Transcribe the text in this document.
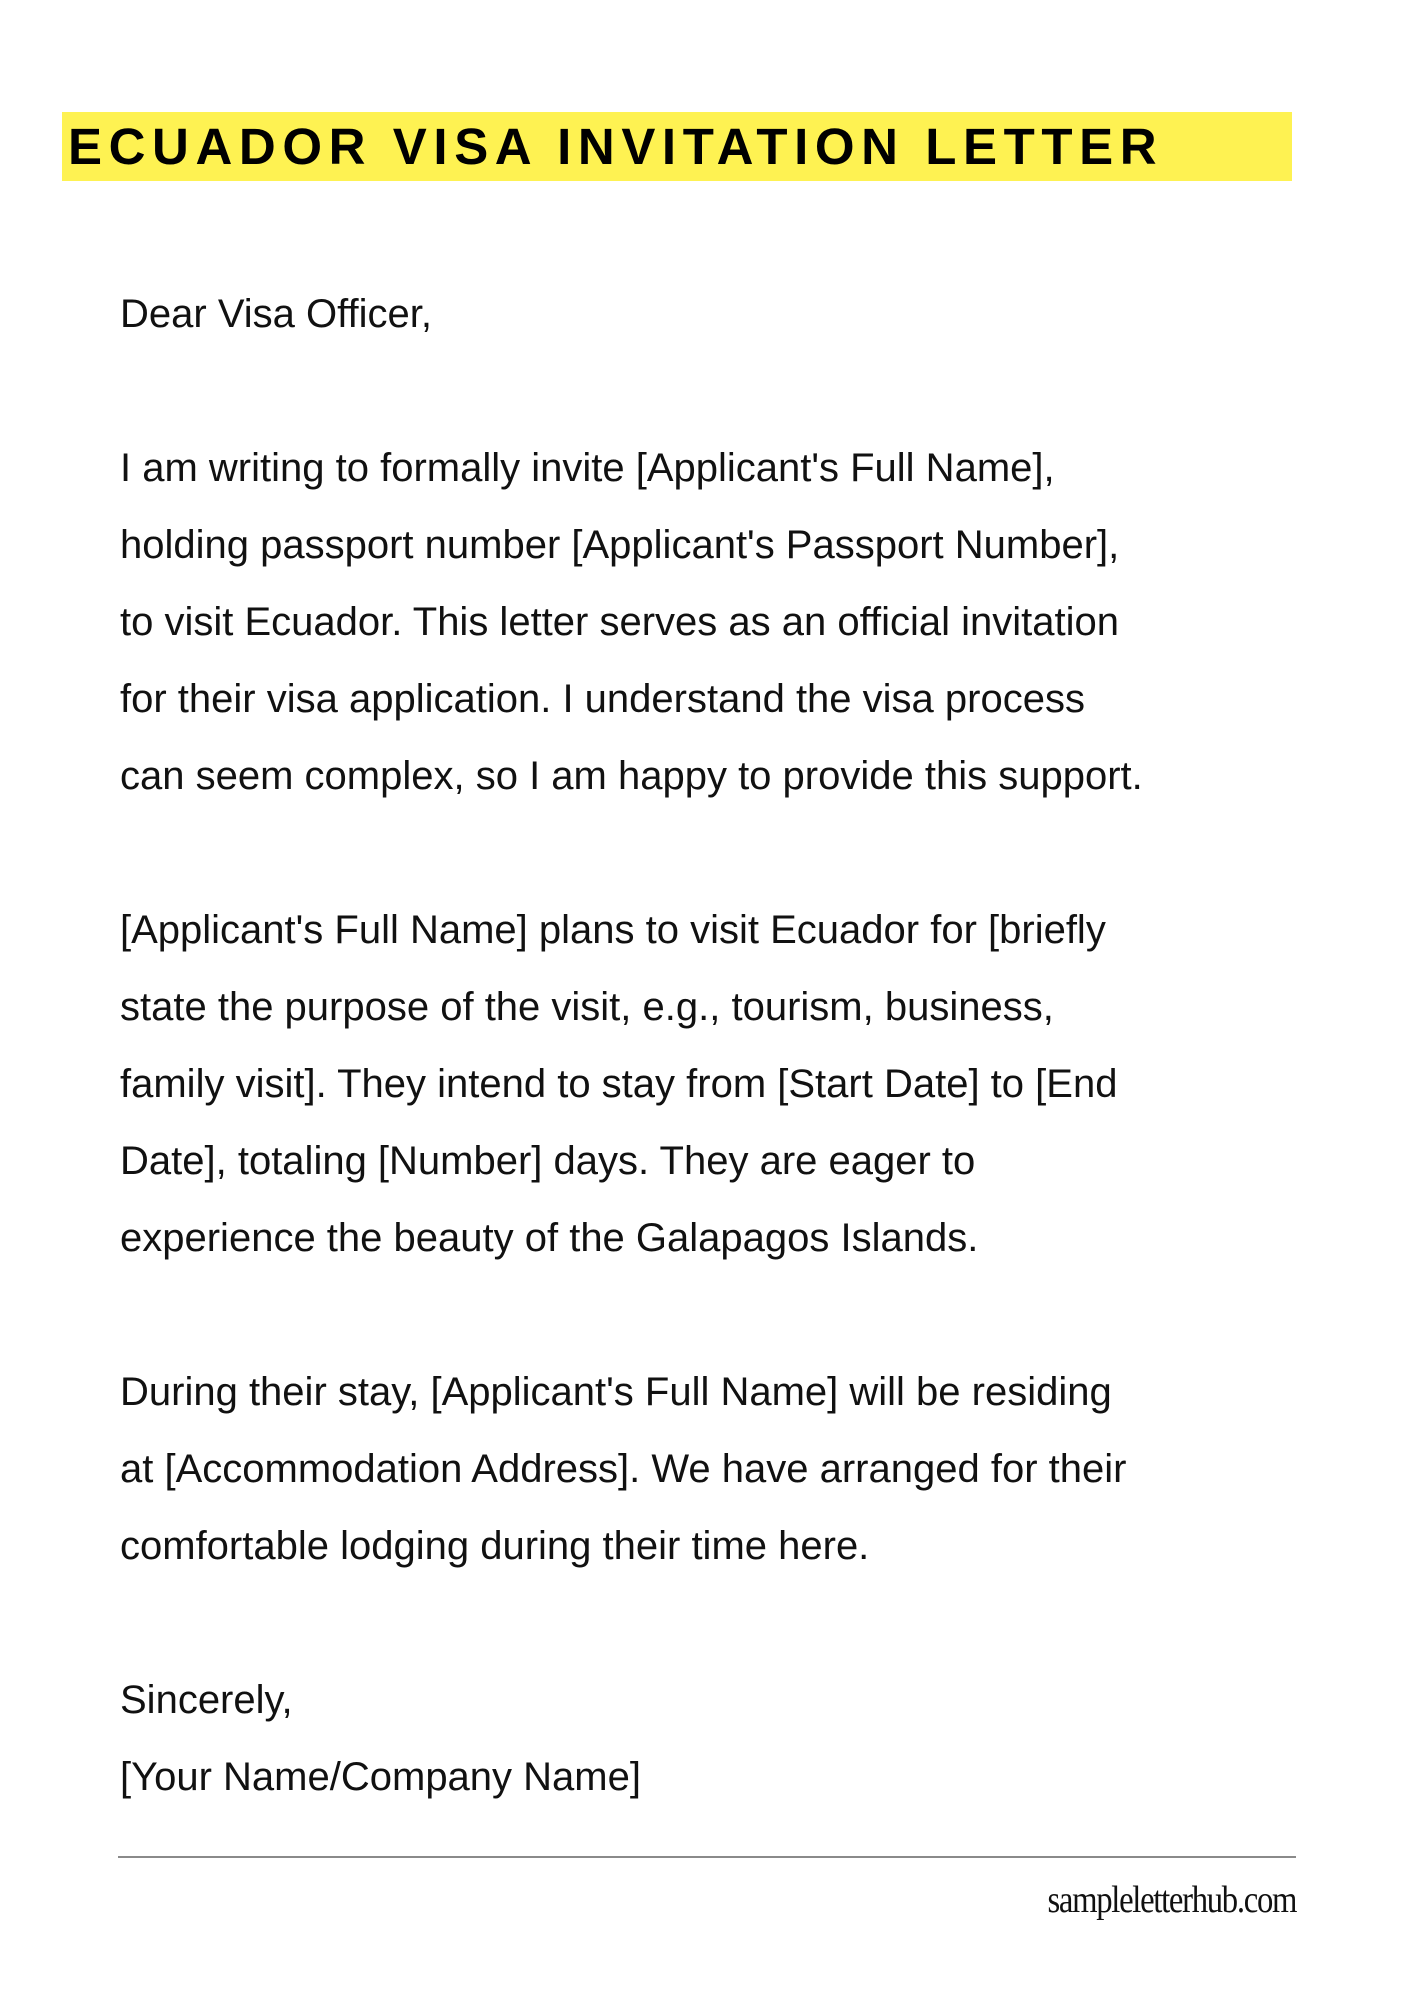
ECUADOR VISA INVITATION LETTER

Dear Visa Officer,

I am writing to formally invite [Applicant's Full Name],
holding passport number [Applicant's Passport Number],
to visit Ecuador. This letter serves as an official invitation
for their visa application. I understand the visa process
can seem complex, so I am happy to provide this support.

[Applicant's Full Name] plans to visit Ecuador for [briefly
state the purpose of the visit, e.g., tourism, business,
family visit]. They intend to stay from [Start Date] to [End
Date], totaling [Number] days. They are eager to
experience the beauty of the Galapagos Islands.

During their stay, [Applicant's Full Name] will be residing
at [Accommodation Address]. We have arranged for their
comfortable lodging during their time here.

Sincerely,
[Your Name/Company Name]

sampleletterhub.com
